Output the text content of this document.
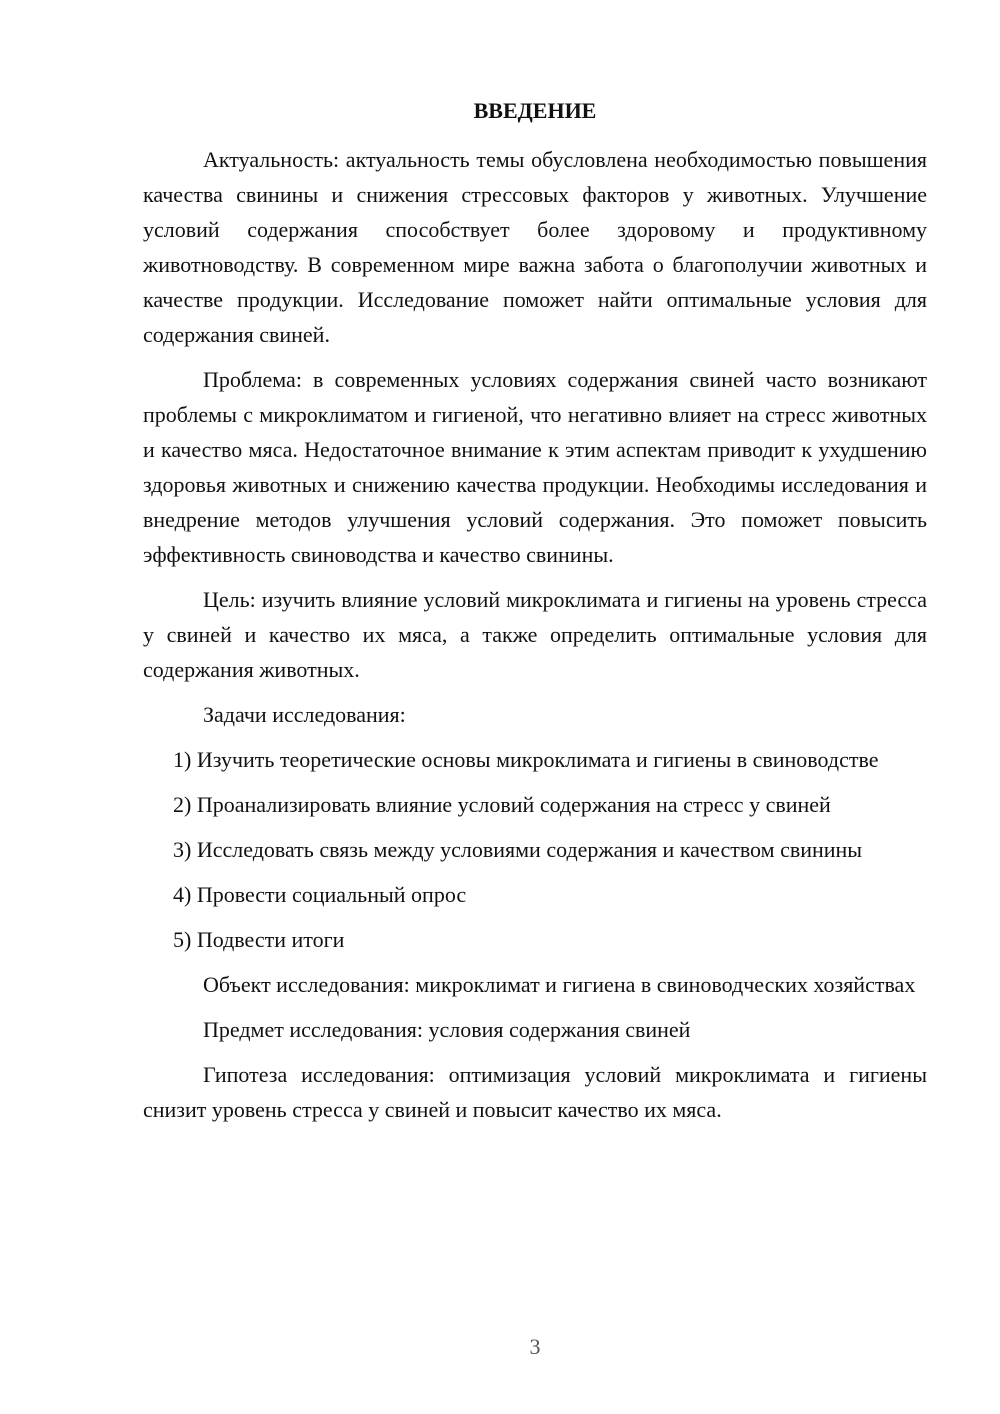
ВВЕДЕНИЕ

Актуальность: актуальность темы обусловлена необходимостью повышения качества свинины и снижения стрессовых факторов у животных. Улучшение условий содержания способствует более здоровому и продуктивному животноводству. В современном мире важна забота о благополучии животных и качестве продукции. Исследование поможет найти оптимальные условия для содержания свиней.

Проблема: в современных условиях содержания свиней часто возникают проблемы с микроклиматом и гигиеной, что негативно влияет на стресс животных и качество мяса. Недостаточное внимание к этим аспектам приводит к ухудшению здоровья животных и снижению качества продукции. Необходимы исследования и внедрение методов улучшения условий содержания. Это поможет повысить эффективность свиноводства и качество свинины.

Цель: изучить влияние условий микроклимата и гигиены на уровень стресса у свиней и качество их мяса, а также определить оптимальные условия для содержания животных.

Задачи исследования:

1) Изучить теоретические основы микроклимата и гигиены в свиноводстве

2) Проанализировать влияние условий содержания на стресс у свиней

3) Исследовать связь между условиями содержания и качеством свинины

4) Провести социальный опрос

5) Подвести итоги

Объект исследования: микроклимат и гигиена в свиноводческих хозяйствах

Предмет исследования: условия содержания свиней

Гипотеза исследования: оптимизация условий микроклимата и гигиены снизит уровень стресса у свиней и повысит качество их мяса.

3
